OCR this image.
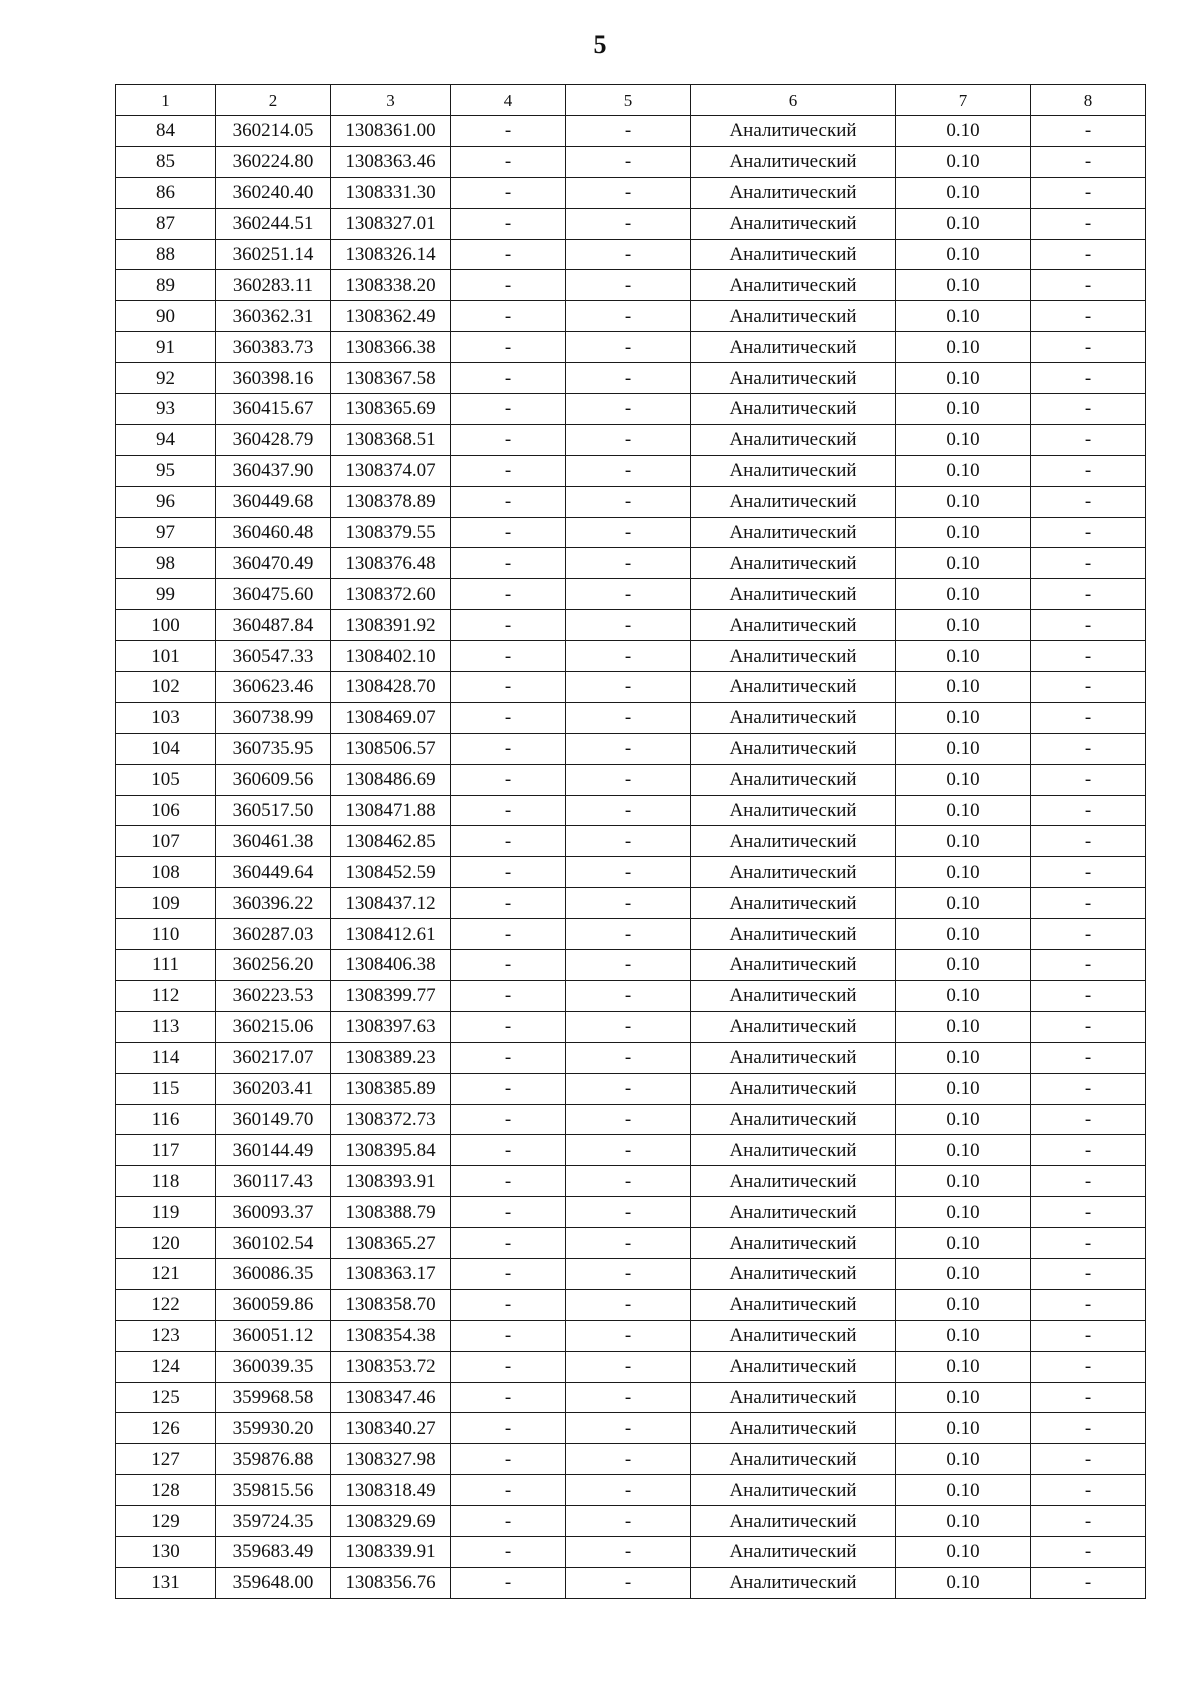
5
1	2	3	4	5	6	7	8
84	360214.05	1308361.00	-	-	Аналитический	0.10	-
85	360224.80	1308363.46	-	-	Аналитический	0.10	-
86	360240.40	1308331.30	-	-	Аналитический	0.10	-
87	360244.51	1308327.01	-	-	Аналитический	0.10	-
88	360251.14	1308326.14	-	-	Аналитический	0.10	-
89	360283.11	1308338.20	-	-	Аналитический	0.10	-
90	360362.31	1308362.49	-	-	Аналитический	0.10	-
91	360383.73	1308366.38	-	-	Аналитический	0.10	-
92	360398.16	1308367.58	-	-	Аналитический	0.10	-
93	360415.67	1308365.69	-	-	Аналитический	0.10	-
94	360428.79	1308368.51	-	-	Аналитический	0.10	-
95	360437.90	1308374.07	-	-	Аналитический	0.10	-
96	360449.68	1308378.89	-	-	Аналитический	0.10	-
97	360460.48	1308379.55	-	-	Аналитический	0.10	-
98	360470.49	1308376.48	-	-	Аналитический	0.10	-
99	360475.60	1308372.60	-	-	Аналитический	0.10	-
100	360487.84	1308391.92	-	-	Аналитический	0.10	-
101	360547.33	1308402.10	-	-	Аналитический	0.10	-
102	360623.46	1308428.70	-	-	Аналитический	0.10	-
103	360738.99	1308469.07	-	-	Аналитический	0.10	-
104	360735.95	1308506.57	-	-	Аналитический	0.10	-
105	360609.56	1308486.69	-	-	Аналитический	0.10	-
106	360517.50	1308471.88	-	-	Аналитический	0.10	-
107	360461.38	1308462.85	-	-	Аналитический	0.10	-
108	360449.64	1308452.59	-	-	Аналитический	0.10	-
109	360396.22	1308437.12	-	-	Аналитический	0.10	-
110	360287.03	1308412.61	-	-	Аналитический	0.10	-
111	360256.20	1308406.38	-	-	Аналитический	0.10	-
112	360223.53	1308399.77	-	-	Аналитический	0.10	-
113	360215.06	1308397.63	-	-	Аналитический	0.10	-
114	360217.07	1308389.23	-	-	Аналитический	0.10	-
115	360203.41	1308385.89	-	-	Аналитический	0.10	-
116	360149.70	1308372.73	-	-	Аналитический	0.10	-
117	360144.49	1308395.84	-	-	Аналитический	0.10	-
118	360117.43	1308393.91	-	-	Аналитический	0.10	-
119	360093.37	1308388.79	-	-	Аналитический	0.10	-
120	360102.54	1308365.27	-	-	Аналитический	0.10	-
121	360086.35	1308363.17	-	-	Аналитический	0.10	-
122	360059.86	1308358.70	-	-	Аналитический	0.10	-
123	360051.12	1308354.38	-	-	Аналитический	0.10	-
124	360039.35	1308353.72	-	-	Аналитический	0.10	-
125	359968.58	1308347.46	-	-	Аналитический	0.10	-
126	359930.20	1308340.27	-	-	Аналитический	0.10	-
127	359876.88	1308327.98	-	-	Аналитический	0.10	-
128	359815.56	1308318.49	-	-	Аналитический	0.10	-
129	359724.35	1308329.69	-	-	Аналитический	0.10	-
130	359683.49	1308339.91	-	-	Аналитический	0.10	-
131	359648.00	1308356.76	-	-	Аналитический	0.10	-
